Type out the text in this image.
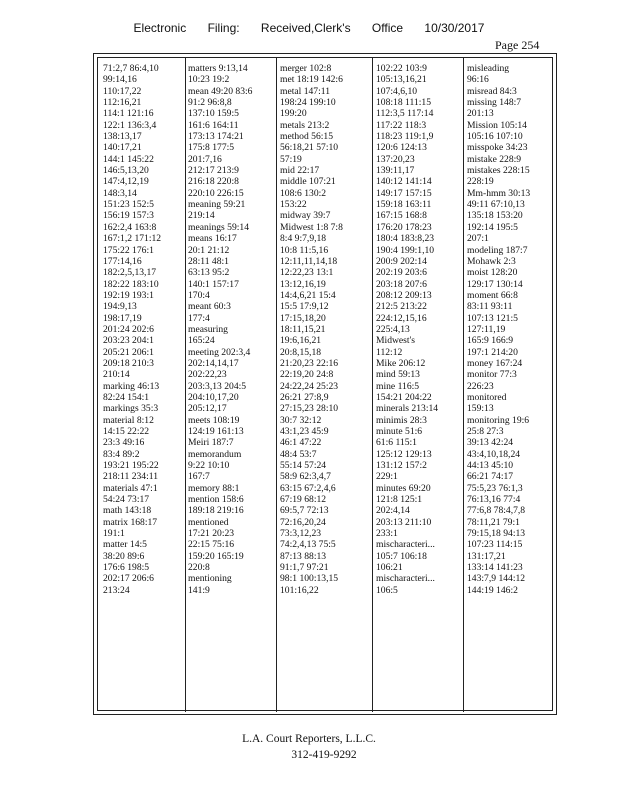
Electronic Filing: Received,Clerk's Office 10/30/2017
Page 254
71:2,7 86:4,10
99:14,16
110:17,22
112:16,21
114:1 121:16
122:1 136:3,4
138:13,17
140:17,21
144:1 145:22
146:5,13,20
147:4,12,19
148:3,14
151:23 152:5
156:19 157:3
162:2,4 163:8
167:1,2 171:12
175:22 176:1
177:14,16
182:2,5,13,17
182:22 183:10
192:19 193:1
194:9,13
198:17,19
201:24 202:6
203:23 204:1
205:21 206:1
209:18 210:3
210:14
marking 46:13
82:24 154:1
markings 35:3
material 8:12
14:15 22:22
23:3 49:16
83:4 89:2
193:21 195:22
218:11 234:11
materials 47:1
54:24 73:17
math 143:18
matrix 168:17
191:1
matter 14:5
38:20 89:6
176:6 198:5
202:17 206:6
213:24
matters 9:13,14
10:23 19:2
mean 49:20 83:6
91:2 96:8,8
137:10 159:5
161:6 164:11
173:13 174:21
175:8 177:5
201:7,16
212:17 213:9
216:18 220:8
220:10 226:15
meaning 59:21
219:14
meanings 59:14
means 16:17
20:1 21:12
28:11 48:1
63:13 95:2
140:1 157:17
170:4
meant 60:3
177:4
measuring
165:24
meeting 202:3,4
202:14,14,17
202:22,23
203:3,13 204:5
204:10,17,20
205:12,17
meets 108:19
124:19 161:13
Meiri 187:7
memorandum
9:22 10:10
167:7
memory 88:1
mention 158:6
189:18 219:16
mentioned
17:21 20:23
22:15 75:16
159:20 165:19
220:8
mentioning
141:9
merger 102:8
met 18:19 142:6
metal 147:11
198:24 199:10
199:20
metals 213:2
method 56:15
56:18,21 57:10
57:19
mid 22:17
middle 107:21
108:6 130:2
153:22
midway 39:7
Midwest 1:8 7:8
8:4 9:7,9,18
10:8 11:5,16
12:11,11,14,18
12:22,23 13:1
13:12,16,19
14:4,6,21 15:4
15:5 17:9,12
17:15,18,20
18:11,15,21
19:6,16,21
20:8,15,18
21:20,23 22:16
22:19,20 24:8
24:22,24 25:23
26:21 27:8,9
27:15,23 28:10
30:7 32:12
43:1,23 45:9
46:1 47:22
48:4 53:7
55:14 57:24
58:9 62:3,4,7
63:15 67:2,4,6
67:19 68:12
69:5,7 72:13
72:16,20,24
73:3,12,23
74:2,4,13 75:5
87:13 88:13
91:1,7 97:21
98:1 100:13,15
101:16,22
102:22 103:9
105:13,16,21
107:4,6,10
108:18 111:15
112:3,5 117:14
117:22 118:3
118:23 119:1,9
120:6 124:13
137:20,23
139:11,17
140:12 141:14
149:17 157:15
159:18 163:11
167:15 168:8
176:20 178:23
180:4 183:8,23
190:4 199:1,10
200:9 202:14
202:19 203:6
203:18 207:6
208:12 209:13
212:5 213:22
224:12,15,16
225:4,13
Midwest's
112:12
Mike 206:12
mind 59:13
mine 116:5
154:21 204:22
minerals 213:14
minimis 28:3
minute 51:6
61:6 115:1
125:12 129:13
131:12 157:2
229:1
minutes 69:20
121:8 125:1
202:4,14
203:13 211:10
233:1
mischaracteri...
105:7 106:18
106:21
mischaracteri...
106:5
misleading
96:16
misread 84:3
missing 148:7
201:13
Mission 105:14
105:16 107:10
misspoke 34:23
mistake 228:9
mistakes 228:15
228:19
Mm-hmm 30:13
49:11 67:10,13
135:18 153:20
192:14 195:5
207:1
modeling 187:7
Mohawk 2:3
moist 128:20
129:17 130:14
moment 66:8
83:11 93:11
107:13 121:5
127:11,19
165:9 166:9
197:1 214:20
money 167:24
monitor 77:3
226:23
monitored
159:13
monitoring 19:6
25:8 27:3
39:13 42:24
43:4,10,18,24
44:13 45:10
66:21 74:17
75:5,23 76:1,3
76:13,16 77:4
77:6,8 78:4,7,8
78:11,21 79:1
79:15,18 94:13
107:23 114:15
131:17,21
133:14 141:23
143:7,9 144:12
144:19 146:2
L.A. Court Reporters, L.L.C.
312-419-9292
